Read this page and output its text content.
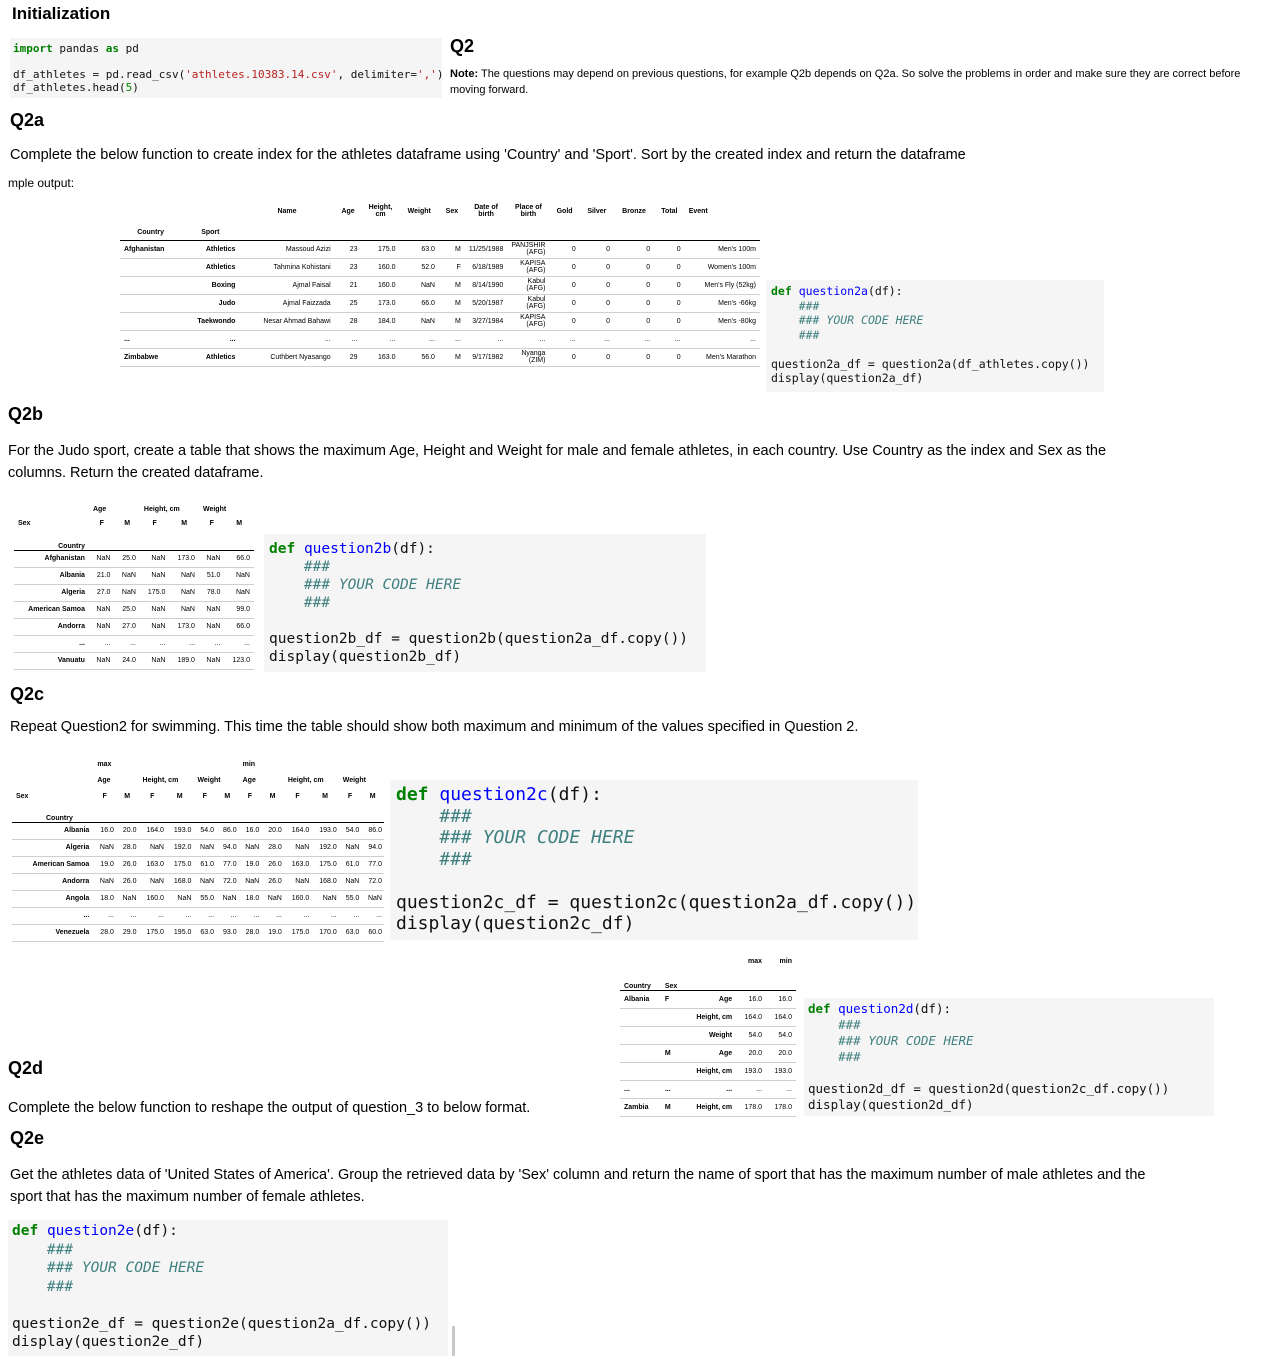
Initialization
import pandas as pd

df_athletes = pd.read_csv('athletes.10383.14.csv', delimiter=',')
df_athletes.head(5)
Q2
Note: The questions may depend on previous questions, for example Q2b depends on Q2a. So solve the problems in order and make sure they are correct before moving forward.
Q2a
Complete the below function to create index for the athletes dataframe using 'Country' and 'Sport'. Sort by the created index and return the dataframe
mple output:
		Name	Age	Height, cm	Weight	Sex	Date of birth	Place of birth	Gold	Silver	Bronze	Total	Event
Country	Sport												
Afghanistan	Athletics	Massoud Azizi	23	175.0	63.0	M	11/25/1988	PANJSHIR (AFG)	0	0	0	0	Men's 100m
	Athletics	Tahmina Kohistani	23	160.0	52.0	F	6/18/1989	KAPISA (AFG)	0	0	0	0	Women's 100m
	Boxing	Ajmal Faisal	21	160.0	NaN	M	8/14/1990	Kabul (AFG)	0	0	0	0	Men's Fly (52kg)
	Judo	Ajmal Faizzada	25	173.0	66.0	M	5/20/1987	Kabul (AFG)	0	0	0	0	Men's -66kg
	Taekwondo	Nesar Ahmad Bahawi	28	184.0	NaN	M	3/27/1984	KAPISA (AFG)	0	0	0	0	Men's -80kg
...	...	...	...	...	...	...	...	...	...	...	...	...	...
Zimbabwe	Athletics	Cuthbert Nyasango	29	163.0	56.0	M	9/17/1982	Nyanga (ZIM)	0	0	0	0	Men's Marathon
def question2a(df):
###
### YOUR CODE HERE
###

question2a_df = question2a(df_athletes.copy())
display(question2a_df)
Q2b
For the Judo sport, create a table that shows the maximum Age, Height and Weight for male and female athletes, in each country. Use Country as the index and Sex as the columns. Return the created dataframe.
	Age		Height, cm		Weight	
Sex	F	M	F	M	F	M
Country						
Afghanistan	NaN	25.0	NaN	173.0	NaN	66.0
Albania	21.0	NaN	NaN	NaN	51.0	NaN
Algeria	27.0	NaN	175.0	NaN	78.0	NaN
American Samoa	NaN	25.0	NaN	NaN	NaN	99.0
Andorra	NaN	27.0	NaN	173.0	NaN	66.0
...	...	...	...	...	...	...
Vanuatu	NaN	24.0	NaN	189.0	NaN	123.0
def question2b(df):
###
### YOUR CODE HERE
###

question2b_df = question2b(question2a_df.copy())
display(question2b_df)
Q2c
Repeat Question2 for swimming. This time the table should show both maximum and minimum of the values specified in Question 2.
	max						min					
	Age		Height, cm		Weight		Age		Height, cm		Weight	
Sex	F	M	F	M	F	M	F	M	F	M	F	M
Country												
Albania	16.0	20.0	164.0	193.0	54.0	86.0	16.0	20.0	164.0	193.0	54.0	86.0
Algeria	NaN	28.0	NaN	192.0	NaN	94.0	NaN	28.0	NaN	192.0	NaN	94.0
American Samoa	19.0	26.0	163.0	175.0	61.0	77.0	19.0	26.0	163.0	175.0	61.0	77.0
Andorra	NaN	26.0	NaN	168.0	NaN	72.0	NaN	26.0	NaN	168.0	NaN	72.0
Angola	18.0	NaN	160.0	NaN	55.0	NaN	18.0	NaN	160.0	NaN	55.0	NaN
...	...	...	...	...	...	...	...	...	...	...	...	...
Venezuela	28.0	29.0	175.0	195.0	63.0	93.0	28.0	19.0	175.0	170.0	63.0	60.0
def question2c(df):
###
### YOUR CODE HERE
###

question2c_df = question2c(question2a_df.copy())
display(question2c_df)
			max	min
Country	Sex			
Albania	F	Age	16.0	16.0
		Height, cm	164.0	164.0
		Weight	54.0	54.0
	M	Age	20.0	20.0
		Height, cm	193.0	193.0
...	...	...	...	...
Zambia	M	Height, cm	178.0	178.0
def question2d(df):
###
### YOUR CODE HERE
###

question2d_df = question2d(question2c_df.copy())
display(question2d_df)
Q2d
Complete the below function to reshape the output of question_3 to below format.
Q2e
Get the athletes data of 'United States of America'. Group the retrieved data by 'Sex' column and return the name of sport that has the maximum number of male athletes and the sport that has the maximum number of female athletes.
def question2e(df):
###
### YOUR CODE HERE
###

question2e_df = question2e(question2a_df.copy())
display(question2e_df)
